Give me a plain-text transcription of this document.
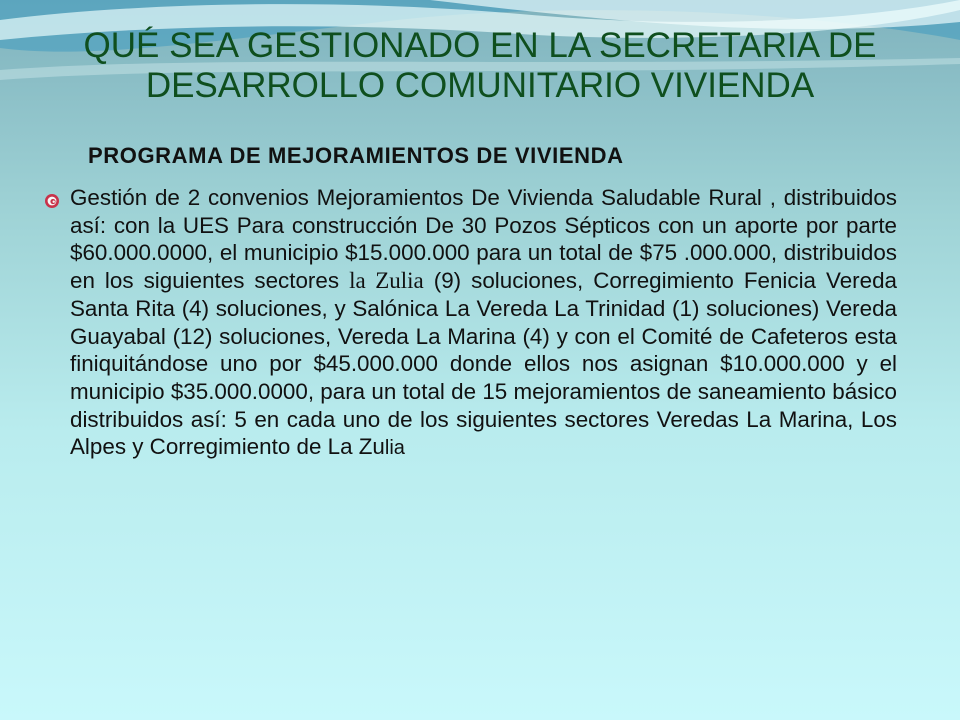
QUÉ SEA GESTIONADO EN LA SECRETARIA DE
DESARROLLO COMUNITARIO VIVIENDA
PROGRAMA DE MEJORAMIENTOS DE VIVIENDA
Gestión de 2 convenios Mejoramientos De Vivienda Saludable Rural , distribuidos así: con la UES Para construcción De 30 Pozos Sépticos con un aporte por parte $60.000.0000, el municipio $15.000.000 para un total de $75 .000.000, distribuidos en los siguientes sectores la Zulia (9) soluciones, Corregimiento Fenicia Vereda Santa Rita (4) soluciones, y Salónica La Vereda La Trinidad (1) soluciones) Vereda Guayabal (12) soluciones, Vereda La Marina (4) y con el Comité de Cafeteros esta finiquitándose uno por $45.000.000 donde ellos nos asignan $10.000.000 y el municipio $35.000.0000, para un total de 15 mejoramientos de saneamiento básico distribuidos así: 5 en cada uno de los siguientes sectores Veredas La Marina, Los Alpes y Corregimiento de La Zulia
